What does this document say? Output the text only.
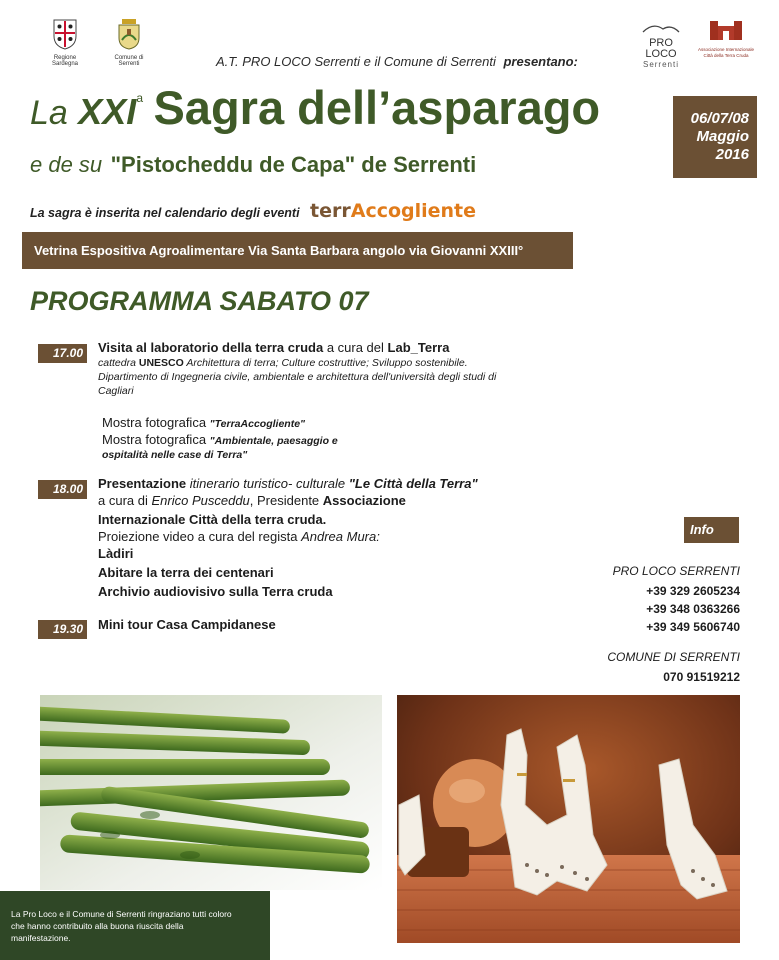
Regione Sardegna
Comune di Serrenti
PRO LOCO
Serrenti
Associazione Internazionale
Città della Terra Cruda
A.T. PRO LOCO Serrenti e il Comune di Serrenti presentano:
La XXI$^a$ Sagra dell’asparago
e de su "Pistocheddu de Capa" de Serrenti
06/07/08
Maggio
2016
La sagra è inserita nel calendario degli eventi terrAccogliente
Vetrina Espositiva Agroalimentare Via Santa Barbara angolo via Giovanni XXIII°
PROGRAMMA SABATO 07
17.00	Visita al laboratorio della terra cruda a cura del Lab_Terra
cattedra UNESCO Architettura di terra; Culture costruttive; Sviluppo sostenibile. Dipartimento di Ingegneria civile, ambientale e architettura dell'università degli studi di Cagliari
Mostra fotografica "TerraAccogliente"
Mostra fotografica "Ambientale, paesaggio e
ospitalità nelle case di Terra"
18.00	Presentazione itinerario turistico- culturale "Le Città della Terra"
a cura di Enrico Pusceddu, Presidente Associazione
Internazionale Città della terra cruda.
Proiezione video a cura del regista Andrea Mura:
Làdiri
Abitare la terra dei centenari
Archivio audiovisivo sulla Terra cruda
19.30	Mini tour Casa Campidanese
Info
PRO LOCO SERRENTI
+39 329 2605234
+39 348 0363266
+39 349 5606740
COMUNE DI SERRENTI
070 91519212
La Pro Loco e il Comune di Serrenti ringraziano tutti coloro che hanno contribuito alla buona riuscita della manifestazione.
